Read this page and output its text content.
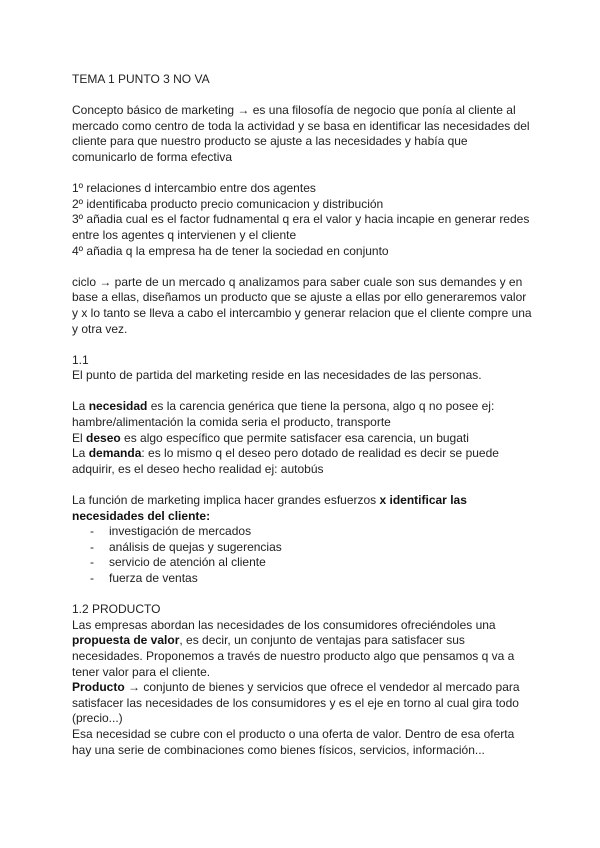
TEMA 1 PUNTO 3 NO VA

Concepto básico de marketing → es una filosofía de negocio que ponía al cliente al mercado como centro de toda la actividad y se basa en identificar las necesidades del cliente para que nuestro producto se ajuste a las necesidades y había que comunicarlo de forma efectiva

1º relaciones d intercambio entre dos agentes

2º identificaba producto precio comunicacion y distribución

3º añadia cual es el factor fudnamental q era el valor y hacia incapie en generar redes entre los agentes q intervienen y el cliente

4º añadia q la empresa ha de tener la sociedad en conjunto

ciclo → parte de un mercado q analizamos para saber cuale son sus demandes y en base a ellas, diseñamos un producto que se ajuste a ellas por ello generaremos valor y x lo tanto se lleva a cabo el intercambio y generar relacion que el cliente compre una y otra vez.

1.1

El punto de partida del marketing reside en las necesidades de las personas.

La necesidad es la carencia genérica que tiene la persona, algo q no posee ej: hambre/alimentación la comida seria el producto, transporte

El deseo es algo específico que permite satisfacer esa carencia, un bugati

La demanda: es lo mismo q el deseo pero dotado de realidad es decir se puede adquirir, es el deseo hecho realidad ej: autobús

La función de marketing implica hacer grandes esfuerzos x identificar las necesidades del cliente:

- investigación de mercados
- análisis de quejas y sugerencias
- servicio de atención al cliente
- fuerza de ventas

1.2 PRODUCTO

Las empresas abordan las necesidades de los consumidores ofreciéndoles una propuesta de valor, es decir, un conjunto de ventajas para satisfacer sus necesidades. Proponemos a través de nuestro producto algo que pensamos q va a tener valor para el cliente.

Producto → conjunto de bienes y servicios que ofrece el vendedor al mercado para satisfacer las necesidades de los consumidores y es el eje en torno al cual gira todo (precio...)

Esa necesidad se cubre con el producto o una oferta de valor. Dentro de esa oferta hay una serie de combinaciones como bienes físicos, servicios, información...
